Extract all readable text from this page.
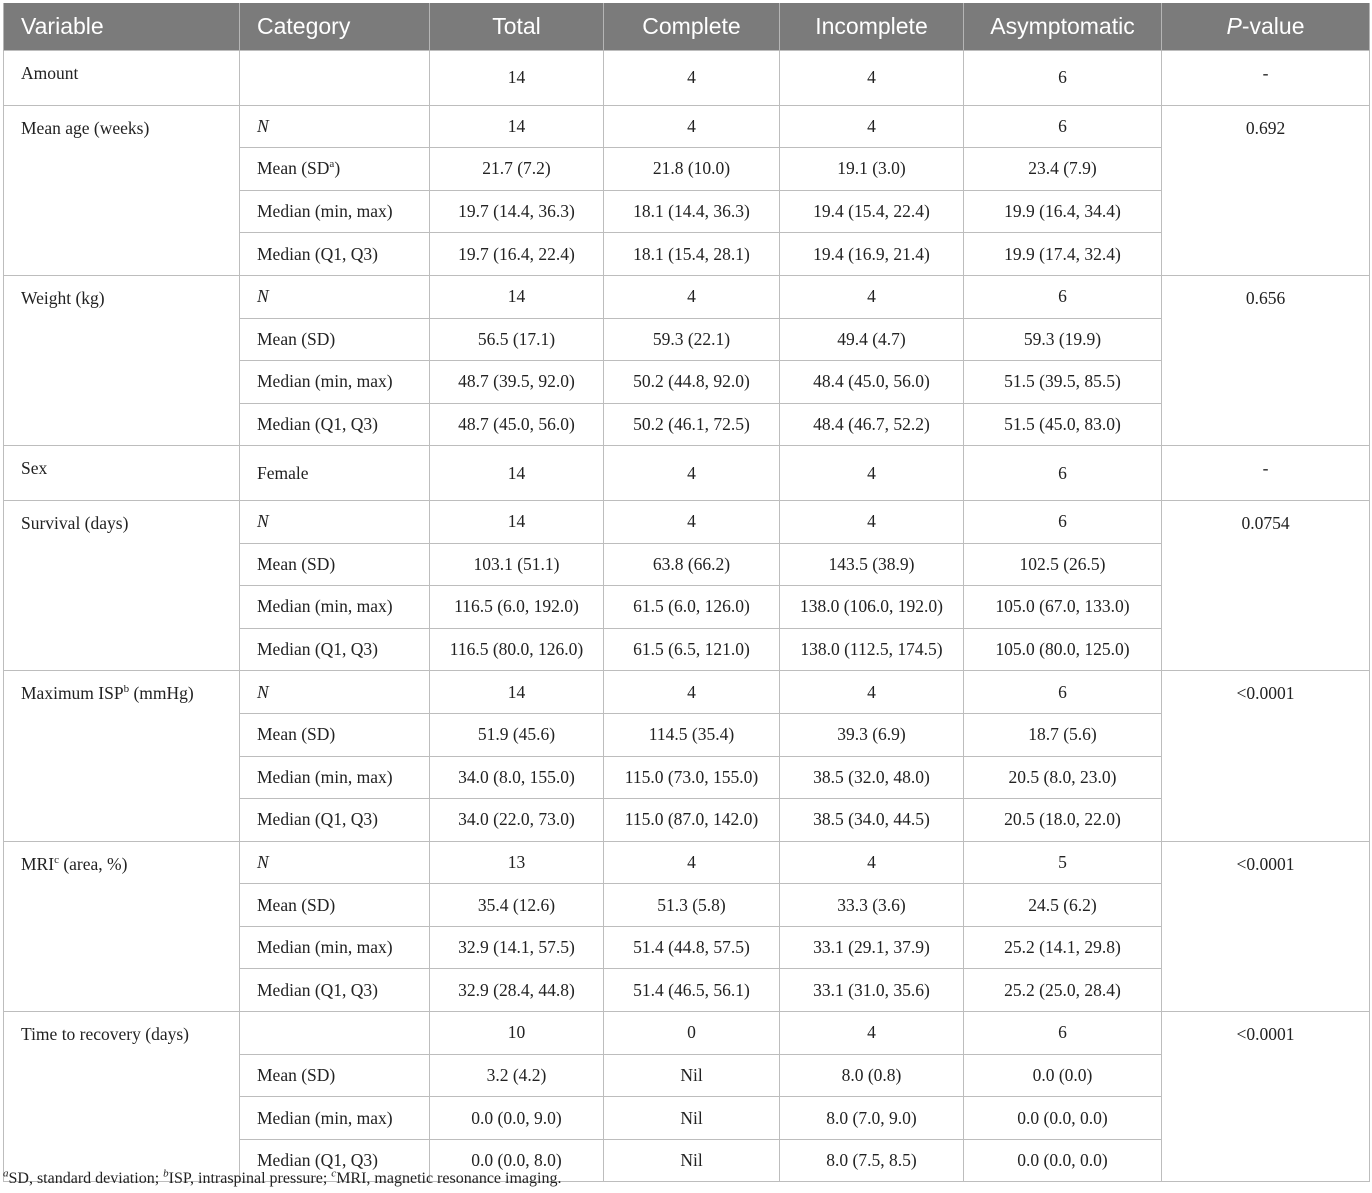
Variable	Category	Total	Complete	Incomplete	Asymptomatic	P-value
Amount		14	4	4	6	-
Mean age (weeks)	N	14	4	4	6	0.692
	Mean $(SD^a)$	21.7 (7.2)	21.8 (10.0)	19.1 (3.0)	23.4 (7.9)	
	Median (min, max)	19.7 (14.4, 36.3)	18.1 (14.4, 36.3)	19.4 (15.4, 22.4)	19.9 (16.4, 34.4)	
	Median (Q1, Q3)	19.7 (16.4, 22.4)	18.1 (15.4, 28.1)	19.4 (16.9, 21.4)	19.9 (17.4, 32.4)	
Weight (kg)	N	14	4	4	6	0.656
	Mean (SD)	56.5 (17.1)	59.3 (22.1)	49.4 (4.7)	59.3 (19.9)	
	Median (min, max)	48.7 (39.5, 92.0)	50.2 (44.8, 92.0)	48.4 (45.0, 56.0)	51.5 (39.5, 85.5)	
	Median (Q1, Q3)	48.7 (45.0, 56.0)	50.2 (46.1, 72.5)	48.4 (46.7, 52.2)	51.5 (45.0, 83.0)	
Sex	Female	14	4	4	6	-
Survival (days)	N	14	4	4	6	0.0754
	Mean (SD)	103.1 (51.1)	63.8 (66.2)	143.5 (38.9)	102.5 (26.5)	
	Median (min, max)	116.5 (6.0, 192.0)	61.5 (6.0, 126.0)	138.0 (106.0, 192.0)	105.0 (67.0, 133.0)	
	Median (Q1, Q3)	116.5 (80.0, 126.0)	61.5 (6.5, 121.0)	138.0 (112.5, 174.5)	105.0 (80.0, 125.0)	
Maximum ISP$^b$ (mmHg)	N	14	4	4	6	<0.0001
	Mean (SD)	51.9 (45.6)	114.5 (35.4)	39.3 (6.9)	18.7 (5.6)	
	Median (min, max)	34.0 (8.0, 155.0)	115.0 (73.0, 155.0)	38.5 (32.0, 48.0)	20.5 (8.0, 23.0)	
	Median (Q1, Q3)	34.0 (22.0, 73.0)	115.0 (87.0, 142.0)	38.5 (34.0, 44.5)	20.5 (18.0, 22.0)	
MRI$^c$ (area, %)	N	13	4	4	5	<0.0001
	Mean (SD)	35.4 (12.6)	51.3 (5.8)	33.3 (3.6)	24.5 (6.2)	
	Median (min, max)	32.9 (14.1, 57.5)	51.4 (44.8, 57.5)	33.1 (29.1, 37.9)	25.2 (14.1, 29.8)	
	Median (Q1, Q3)	32.9 (28.4, 44.8)	51.4 (46.5, 56.1)	33.1 (31.0, 35.6)	25.2 (25.0, 28.4)	
Time to recovery (days)		10	0	4	6	<0.0001
	Mean (SD)	3.2 (4.2)	Nil	8.0 (0.8)	0.0 (0.0)	
	Median (min, max)	0.0 (0.0, 9.0)	Nil	8.0 (7.0, 9.0)	0.0 (0.0, 0.0)	
	Median (Q1, Q3)	0.0 (0.0, 8.0)	Nil	8.0 (7.5, 8.5)	0.0 (0.0, 0.0)	
$^a$SD, standard deviation; $^b$ISP, intraspinal pressure; $^c$MRI, magnetic resonance imaging.
